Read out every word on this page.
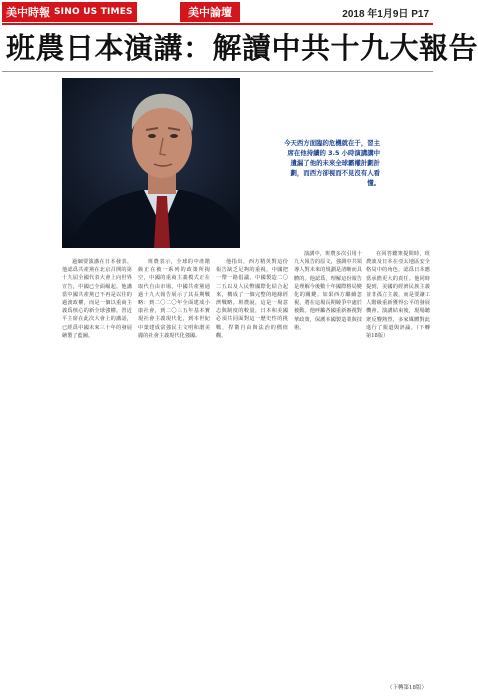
美中時報 SINO US TIMES	美中論壇	2018 年1月9日 P17
班農日本演講：解讀中共十九大報告
今天西方面臨的危機就在于，習主席在他持續的 3.5 小時演講講中遺漏了他的未來全球霸權計劃計劃，而西方卻視而不見沒有人看懂。

過綱要演講在日本發表。他認爲共產黨在北京召開的第十九屆全國代表大會上向世界宣告，中國已全面崛起。他講當中國共產黨已不再是以往的過渡政權，而是一個以重商主義爲核心的新全球強權。習近平主席在此次大會上的講話，已經爲中國未來三十年的發展繪製了藍圖。

班農表示，全球的中產階級正在被一系列的政策所掏空，中國的重商主義模式正在取代自由市場。中國共產黨通過十九大報告展示了其長期戰略：到二〇二〇年全面建成小康社會，到二〇三五年基本實現社會主義現代化，到本世紀中葉建成富強民主文明和諧美麗的社會主義現代化強國。

他指出，西方精英對這份報告缺乏足夠的重視。中國把一帶一路倡議、中國製造二〇二五以及人民幣國際化結合起來，構成了一個完整的地緣經濟戰略。班農說，這是一場意志與制度的較量，日本和美國必須共同面對這一歷史性的挑戰，捍衛自由與法治的價值觀。

演講中，班農多次引用十九大報告的原文，強調中共領導人對未來的規劃是清晰而具體的。他認爲，理解這份報告是理解今後數十年國際格局變化的關鍵。如果西方繼續忽視，將在這場長期競爭中處於被動。他呼籲各國重新審視對華政策，保護本國製造業與技術。

在回答聽衆提問時，班農談及日本在亞太地區安全格局中的角色，認爲日本應當承擔更大的責任。他同時提到，美國的經濟民族主義並非孤立主義，而是要讓工人階級重新獲得公平的發展機會。演講結束後，現場聽衆反響熱烈，多家媒體對此進行了報道與評論。（下轉第18版）

（下轉第18版）
